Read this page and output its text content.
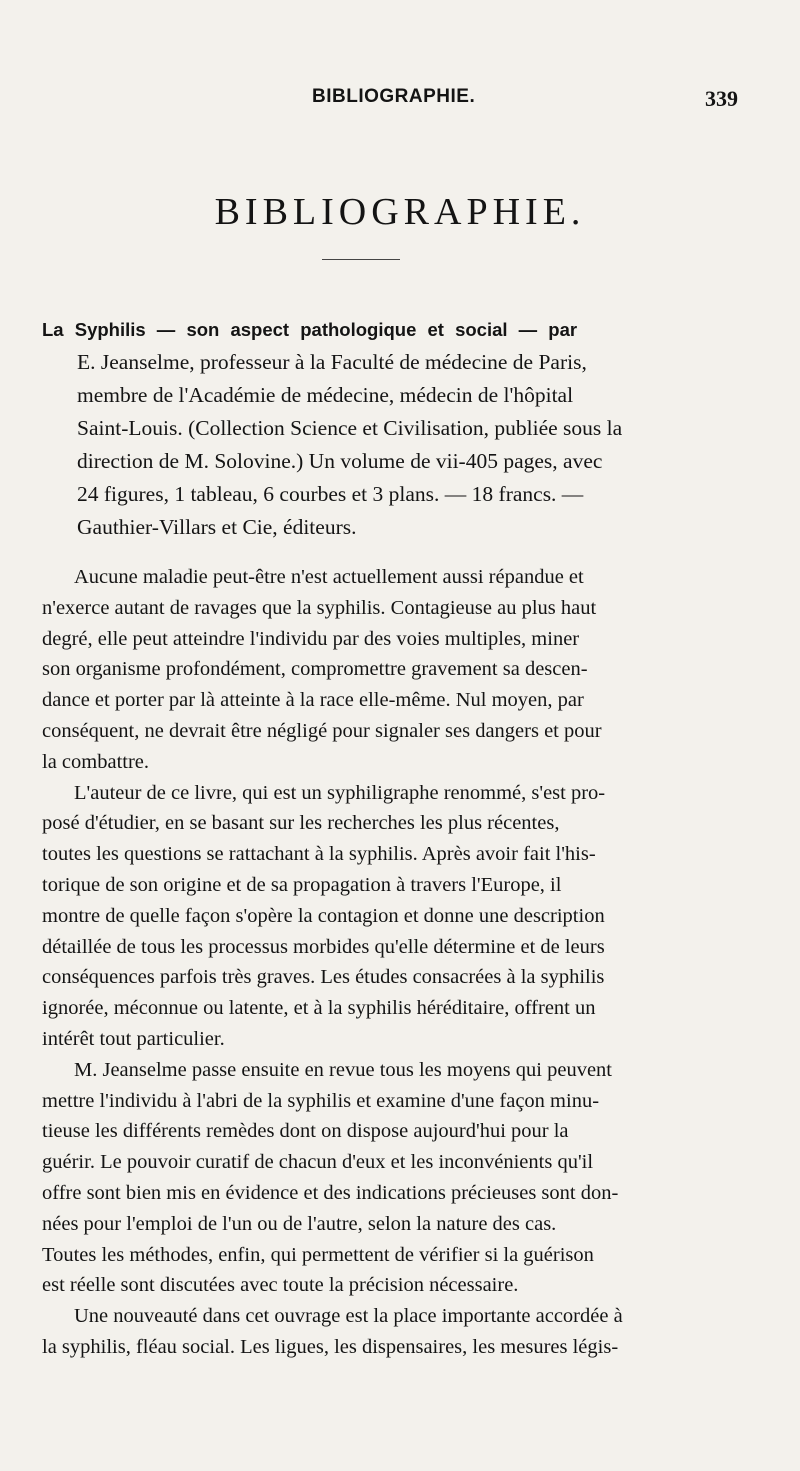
BIBLIOGRAPHIE.	339
BIBLIOGRAPHIE.
La Syphilis — son aspect pathologique et social — par
E. Jeanselme, professeur à la Faculté de médecine de Paris,
membre de l'Académie de médecine, médecin de l'hôpital
Saint-Louis. (Collection Science et Civilisation, publiée sous la
direction de M. Solovine.) Un volume de vii-405 pages, avec
24 figures, 1 tableau, 6 courbes et 3 plans. — 18 francs. —
Gauthier-Villars et Cie, éditeurs.
Aucune maladie peut-être n'est actuellement aussi répandue et
n'exerce autant de ravages que la syphilis. Contagieuse au plus haut
degré, elle peut atteindre l'individu par des voies multiples, miner
son organisme profondément, compromettre gravement sa descen-
dance et porter par là atteinte à la race elle-même. Nul moyen, par
conséquent, ne devrait être négligé pour signaler ses dangers et pour
la combattre.
L'auteur de ce livre, qui est un syphiligraphe renommé, s'est pro-
posé d'étudier, en se basant sur les recherches les plus récentes,
toutes les questions se rattachant à la syphilis. Après avoir fait l'his-
torique de son origine et de sa propagation à travers l'Europe, il
montre de quelle façon s'opère la contagion et donne une description
détaillée de tous les processus morbides qu'elle détermine et de leurs
conséquences parfois très graves. Les études consacrées à la syphilis
ignorée, méconnue ou latente, et à la syphilis héréditaire, offrent un
intérêt tout particulier.
M. Jeanselme passe ensuite en revue tous les moyens qui peuvent
mettre l'individu à l'abri de la syphilis et examine d'une façon minu-
tieuse les différents remèdes dont on dispose aujourd'hui pour la
guérir. Le pouvoir curatif de chacun d'eux et les inconvénients qu'il
offre sont bien mis en évidence et des indications précieuses sont don-
nées pour l'emploi de l'un ou de l'autre, selon la nature des cas.
Toutes les méthodes, enfin, qui permettent de vérifier si la guérison
est réelle sont discutées avec toute la précision nécessaire.
Une nouveauté dans cet ouvrage est la place importante accordée à
la syphilis, fléau social. Les ligues, les dispensaires, les mesures légis-
